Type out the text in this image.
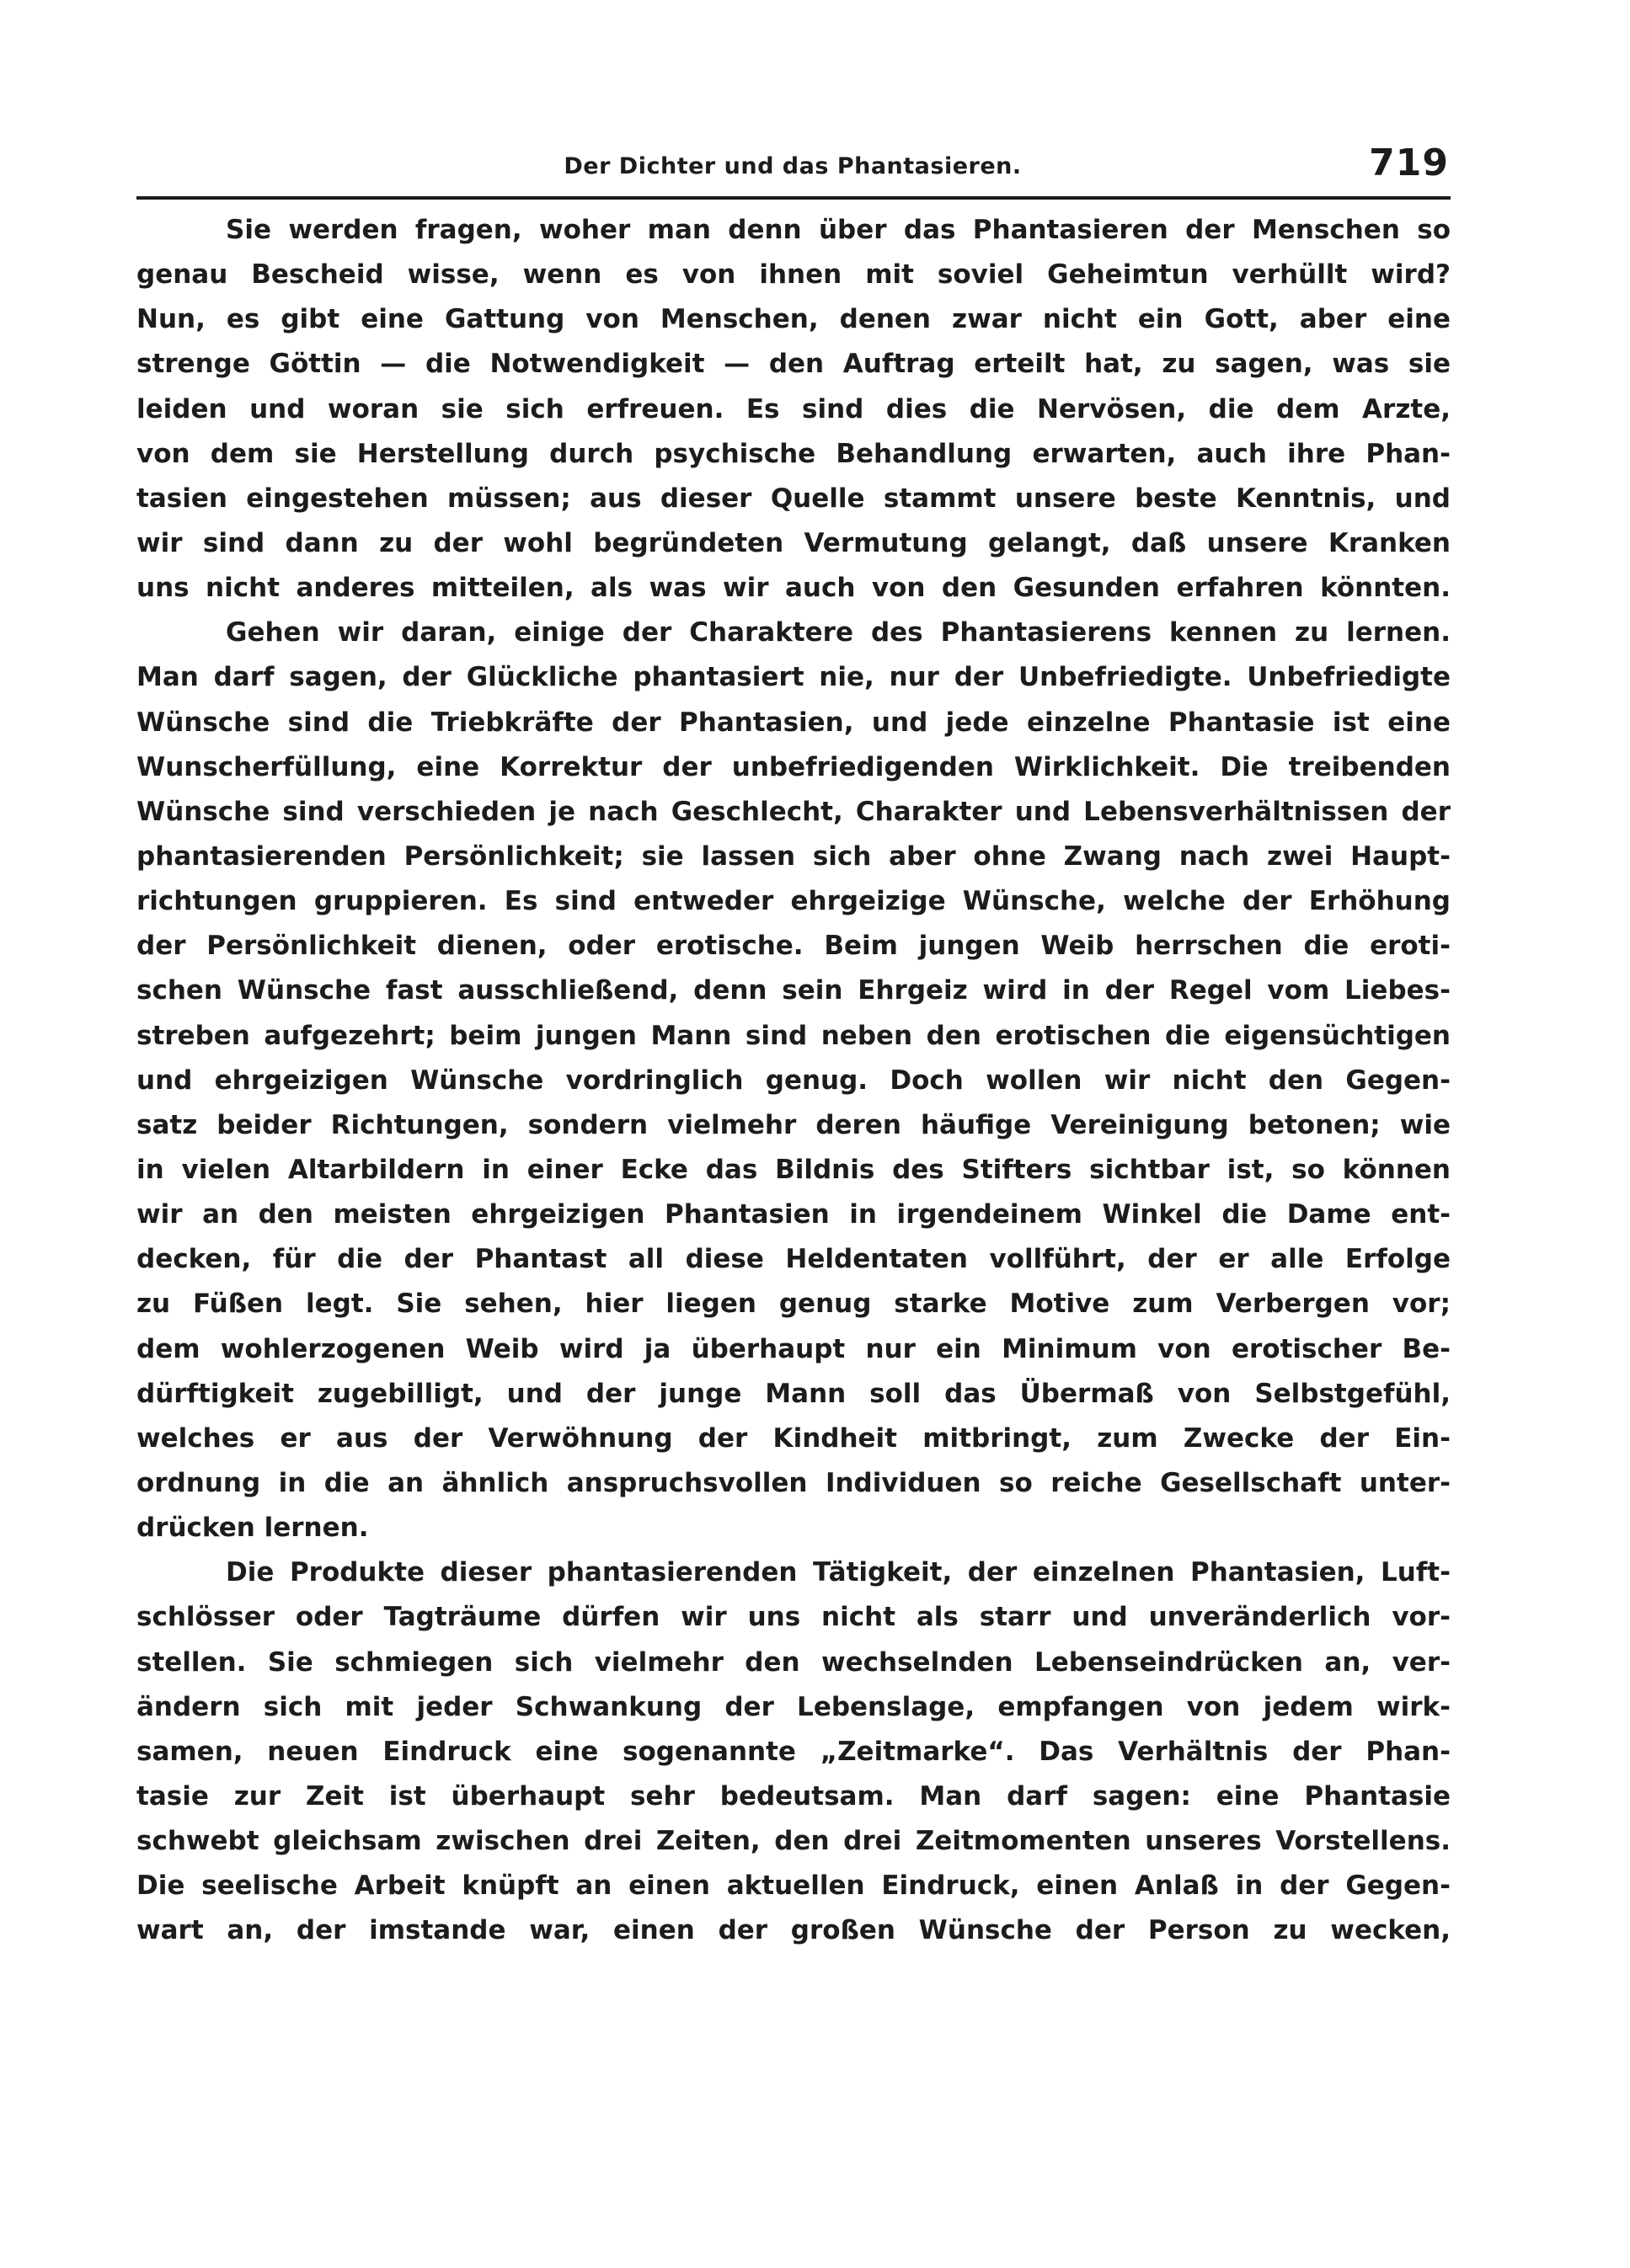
Der Dichter und das Phantasieren.	719
Sie werden fragen, woher man denn über das Phantasieren der Menschen so
genau Bescheid wisse, wenn es von ihnen mit soviel Geheimtun verhüllt wird?
Nun, es gibt eine Gattung von Menschen, denen zwar nicht ein Gott, aber eine
strenge Göttin — die Notwendigkeit — den Auftrag erteilt hat, zu sagen, was sie
leiden und woran sie sich erfreuen. Es sind dies die Nervösen, die dem Arzte,
von dem sie Herstellung durch psychische Behandlung erwarten, auch ihre Phan-
tasien eingestehen müssen; aus dieser Quelle stammt unsere beste Kenntnis, und
wir sind dann zu der wohl begründeten Vermutung gelangt, daß unsere Kranken
uns nicht anderes mitteilen, als was wir auch von den Gesunden erfahren könnten.
Gehen wir daran, einige der Charaktere des Phantasierens kennen zu lernen.
Man darf sagen, der Glückliche phantasiert nie, nur der Unbefriedigte. Unbefriedigte
Wünsche sind die Triebkräfte der Phantasien, und jede einzelne Phantasie ist eine
Wunscherfüllung, eine Korrektur der unbefriedigenden Wirklichkeit. Die treibenden
Wünsche sind verschieden je nach Geschlecht, Charakter und Lebensverhältnissen der
phantasierenden Persönlichkeit; sie lassen sich aber ohne Zwang nach zwei Haupt-
richtungen gruppieren. Es sind entweder ehrgeizige Wünsche, welche der Erhöhung
der Persönlichkeit dienen, oder erotische. Beim jungen Weib herrschen die eroti-
schen Wünsche fast ausschließend, denn sein Ehrgeiz wird in der Regel vom Liebes-
streben aufgezehrt; beim jungen Mann sind neben den erotischen die eigensüchtigen
und ehrgeizigen Wünsche vordringlich genug. Doch wollen wir nicht den Gegen-
satz beider Richtungen, sondern vielmehr deren häufige Vereinigung betonen; wie
in vielen Altarbildern in einer Ecke das Bildnis des Stifters sichtbar ist, so können
wir an den meisten ehrgeizigen Phantasien in irgendeinem Winkel die Dame ent-
decken, für die der Phantast all diese Heldentaten vollführt, der er alle Erfolge
zu Füßen legt. Sie sehen, hier liegen genug starke Motive zum Verbergen vor;
dem wohlerzogenen Weib wird ja überhaupt nur ein Minimum von erotischer Be-
dürftigkeit zugebilligt, und der junge Mann soll das Übermaß von Selbstgefühl,
welches er aus der Verwöhnung der Kindheit mitbringt, zum Zwecke der Ein-
ordnung in die an ähnlich anspruchsvollen Individuen so reiche Gesellschaft unter-
drücken lernen.
Die Produkte dieser phantasierenden Tätigkeit, der einzelnen Phantasien, Luft-
schlösser oder Tagträume dürfen wir uns nicht als starr und unveränderlich vor-
stellen. Sie schmiegen sich vielmehr den wechselnden Lebenseindrücken an, ver-
ändern sich mit jeder Schwankung der Lebenslage, empfangen von jedem wirk-
samen, neuen Eindruck eine sogenannte „Zeitmarke“. Das Verhältnis der Phan-
tasie zur Zeit ist überhaupt sehr bedeutsam. Man darf sagen: eine Phantasie
schwebt gleichsam zwischen drei Zeiten, den drei Zeitmomenten unseres Vorstellens.
Die seelische Arbeit knüpft an einen aktuellen Eindruck, einen Anlaß in der Gegen-
wart an, der imstande war, einen der großen Wünsche der Person zu wecken,
